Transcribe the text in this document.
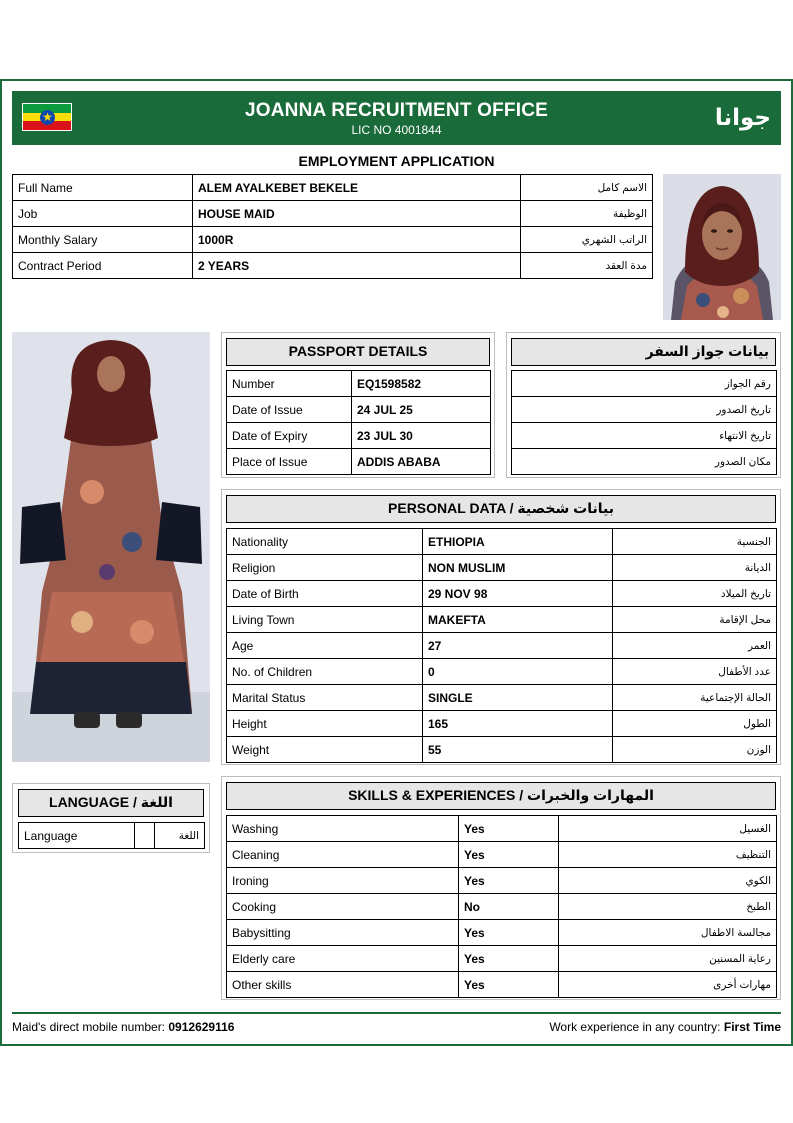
★	JOANNA RECRUITMENT OFFICE
LIC NO 4001844	جوانا
EMPLOYMENT APPLICATION
Full Name	ALEM AYALKEBET BEKELE	الاسم كامل
Job	HOUSE MAID	الوظيفة
Monthly Salary	1000R	الراتب الشهري
Contract Period	2 YEARS	مدة العقد
PASSPORT DETAILS
Number	EQ1598582
Date of Issue	24 JUL 25
Date of Expiry	23 JUL 30
Place of Issue	ADDIS ABABA
بيانات جواز السفر
رقم الجواز
تاريخ الصدور
تاريخ الانتهاء
مكان الصدور
PERSONAL DATA / بيانات شخصية
Nationality	ETHIOPIA	الجنسية
Religion	NON MUSLIM	الديانة
Date of Birth	29 NOV 98	تاريخ الميلاد
Living Town	MAKEFTA	محل الإقامة
Age	27	العمر
No. of Children	0	عدد الأطفال
Marital Status	SINGLE	الحالة الإجتماعية
Height	165	الطول
Weight	55	الوزن
LANGUAGE / اللغة
Language		اللغة
SKILLS & EXPERIENCES / المهارات والخبرات
Washing	Yes	الغسيل
Cleaning	Yes	التنظيف
Ironing	Yes	الكوي
Cooking	No	الطبخ
Babysitting	Yes	مجالسة الاطفال
Elderly care	Yes	رعاية المسنين
Other skills	Yes	مهارات أخرى
Maid's direct mobile number: 0912629116	Work experience in any country: First Time
